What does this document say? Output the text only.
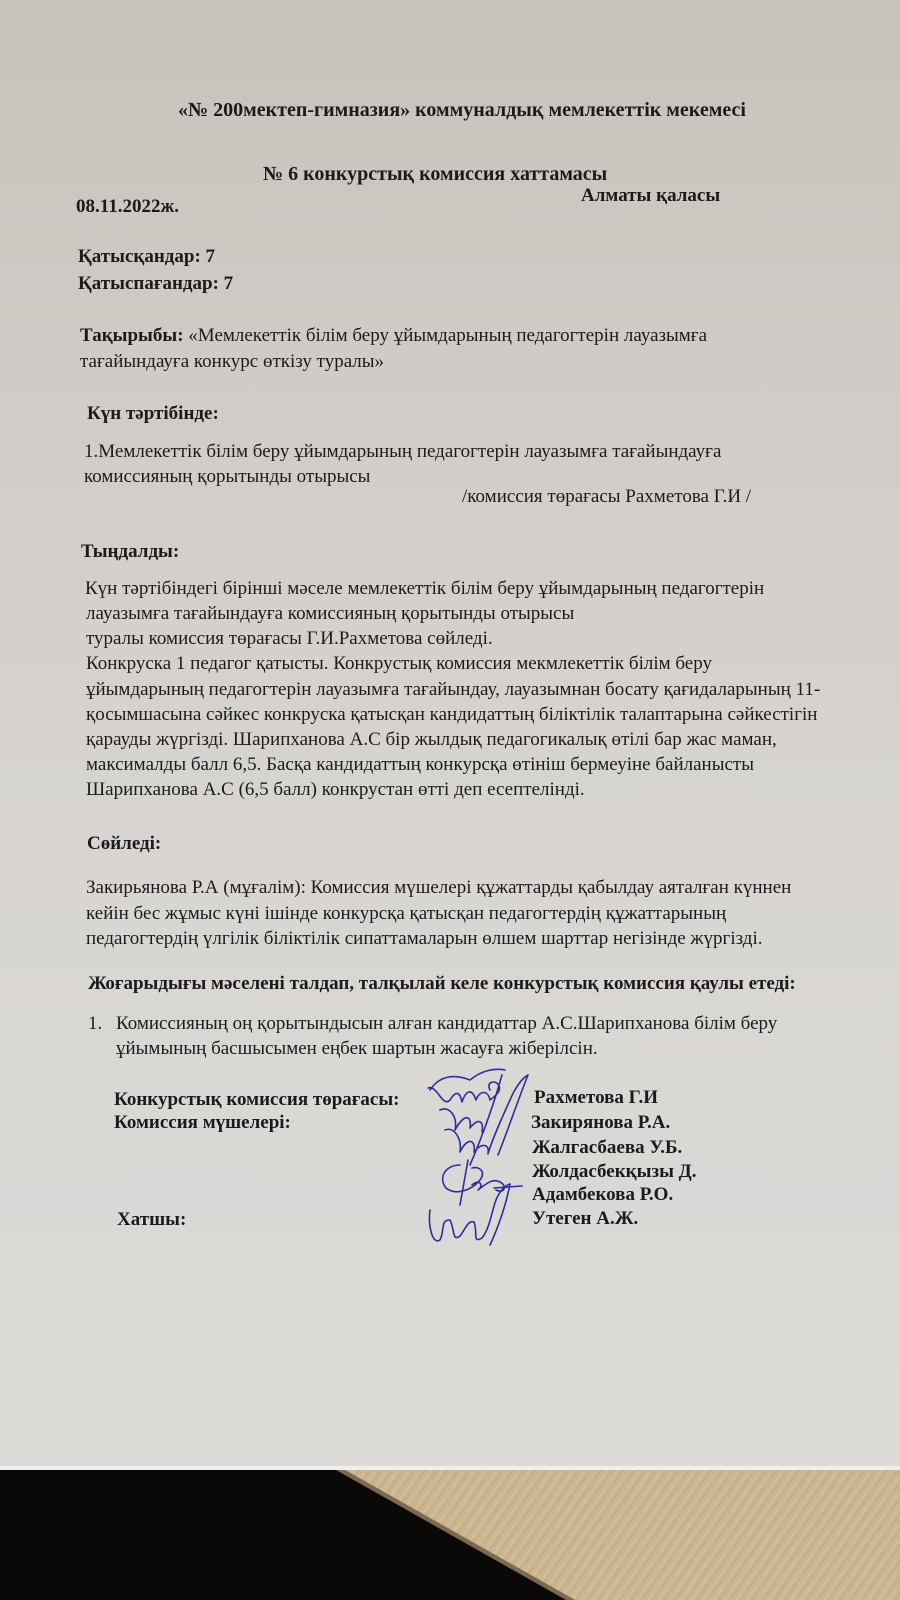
«№ 200мектеп-гимназия» коммуналдық мемлекеттік мекемесі
№ 6 конкурстық комиссия хаттамасы
08.11.2022ж.
Алматы қаласы
Қатысқандар: 7
Қатыспағандар: 7
Тақырыбы: «Мемлекеттік білім беру ұйымдарының педагогтерін лауазымға
тағайындауға конкурс өткізу туралы»
Күн тәртібінде:
1.Мемлекеттік білім беру ұйымдарының педагогтерін лауазымға тағайындауға
комиссияның қорытынды отырысы
/комиссия төрағасы Рахметова Г.И /
Тыңдалды:
Күн тәртібіндегі бірінші мәселе мемлекеттік білім беру ұйымдарының педагогтерін
лауазымға тағайындауға комиссияның қорытынды отырысы
туралы комиссия төрағасы Г.И.Рахметова сөйледі.
Конкруска 1 педагог қатысты. Конкрустық комиссия мекмлекеттік білім беру
ұйымдарының педагогтерін лауазымға тағайындау, лауазымнан босату қағидаларының 11-
қосымшасына сәйкес конкруска қатысқан кандидаттың біліктілік талаптарына сәйкестігін
қарауды жүргізді. Шарипханова А.С бір жылдық педагогикалық өтілі бар жас маман,
максималды балл 6,5. Басқа кандидаттың конкурсқа өтініш бермеуіне байланысты
Шарипханова А.С (6,5 балл) конкрустан өтті деп есептелінді.
Сөйледі:
Закирьянова Р.А (мұғалім): Комиссия мүшелері құжаттарды қабылдау аяталған күннен
кейін бес жұмыс күні ішінде конкурсқа қатысқан педагогтердің құжаттарының
педагогтердің үлгілік біліктілік сипаттамаларын өлшем шарттар негізінде жүргізді.
Жоғарыдығы мәселені талдап, талқылай келе конкурстық комиссия қаулы етеді:
1. Комиссияның оң қорытындысын алған кандидаттар А.С.Шарипханова білім беру
ұйымының басшысымен еңбек шартын жасауға жіберілсін.
Конкурстық комиссия төрағасы:
Комиссия мүшелері:
Хатшы:
Рахметова Г.И
Закирянова Р.А.
Жалгасбаева У.Б.
Жолдасбекқызы Д.
Адамбекова Р.О.
Утеген А.Ж.
